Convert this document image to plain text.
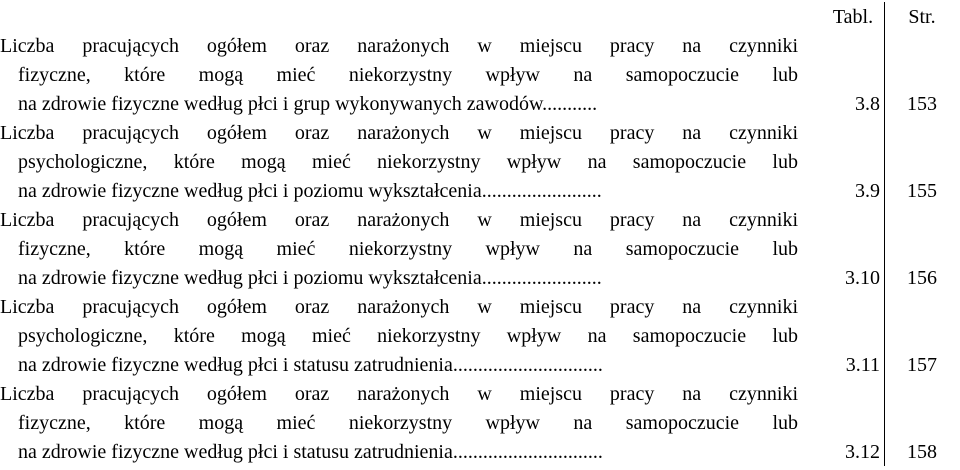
Tabl.	Str.
Liczba pracujących ogółem oraz narażonych w miejscu pracy na czynniki
fizyczne, które mogą mieć niekorzystny wpływ na samopoczucie lub
na zdrowie fizyczne według płci i grup wykonywanych zawodów...........	3.8	153
Liczba pracujących ogółem oraz narażonych w miejscu pracy na czynniki
psychologiczne, które mogą mieć niekorzystny wpływ na samopoczucie lub
na zdrowie fizyczne według płci i poziomu wykształcenia........................	3.9	155
Liczba pracujących ogółem oraz narażonych w miejscu pracy na czynniki
fizyczne, które mogą mieć niekorzystny wpływ na samopoczucie lub
na zdrowie fizyczne według płci i poziomu wykształcenia........................	3.10	156
Liczba pracujących ogółem oraz narażonych w miejscu pracy na czynniki
psychologiczne, które mogą mieć niekorzystny wpływ na samopoczucie lub
na zdrowie fizyczne według płci i statusu zatrudnienia..............................	3.11	157
Liczba pracujących ogółem oraz narażonych w miejscu pracy na czynniki
fizyczne, które mogą mieć niekorzystny wpływ na samopoczucie lub
na zdrowie fizyczne według płci i statusu zatrudnienia..............................	3.12	158
